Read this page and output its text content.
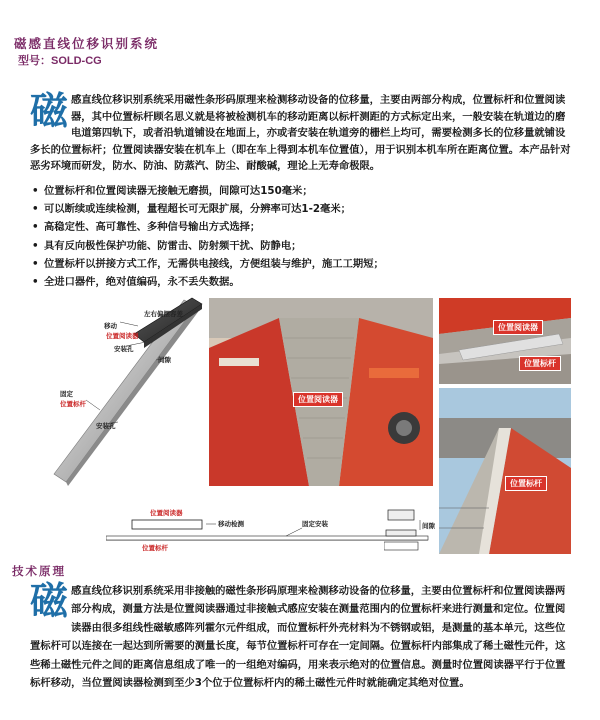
磁感直线位移识别系统
型号：SOLD-CG
磁 感直线位移识别系统采用磁性条形码原理来检测移动设备的位移量，主要由两部分构成，位置标杆和位置阅读器，其中位置标杆顾名思义就是将被检测机车的移动距离以标杆测距的方式标定出来，一般安装在轨道边的磨电道第四轨下，或者沿轨道铺设在地面上，亦或者安装在轨道旁的栅栏上均可，需要检测多长的位移量就铺设多长的位置标杆；位置阅读器安装在机车上（即在车上得到本机车位置值），用于识别本机车所在距离位置。本产品针对恶劣环境而研发，防水、防油、防蒸汽、防尘、耐酸碱，理论上无寿命极限。
• 位置标杆和位置阅读器无接触无磨损，间隙可达150毫米；
• 可以断续或连续检测，量程超长可无限扩展，分辨率可达1-2毫米；
• 高稳定性、高可靠性、多种信号输出方式选择；
• 具有反向极性保护功能、防雷击、防射频干扰、防静电；
• 位置标杆以拼接方式工作，无需供电接线，方便组装与维护，施工工期短；
• 全进口器件，绝对值编码，永不丢失数据。
移动
位置阅读器
安装孔
左右偏摆容差
间隙
固定
位置标杆
安装孔
位置阅读器
位置阅读器
位置标杆
位置标杆
位置阅读器
移动检测	固定安装
位置标杆
间隙
技术原理
磁 感直线位移识别系统采用非接触的磁性条形码原理来检测移动设备的位移量，主要由位置标杆和位置阅读器两部分构成，测量方法是位置阅读器通过非接触式感应安装在测量范围内的位置标杆来进行测量和定位。位置阅读器由很多组线性磁敏感阵列霍尔元件组成，而位置标杆外壳材料为不锈钢或铝，是测量的基本单元，这些位置标杆可以连接在一起达到所需要的测量长度，每节位置标杆可存在一定间隔。位置标杆内部集成了稀土磁性元件，这些稀土磁性元件之间的距离信息组成了唯一的一组绝对编码，用来表示绝对的位置信息。测量时位置阅读器平行于位置标杆移动，当位置阅读器检测到至少3个位于位置标杆内的稀土磁性元件时就能确定其绝对位置。
